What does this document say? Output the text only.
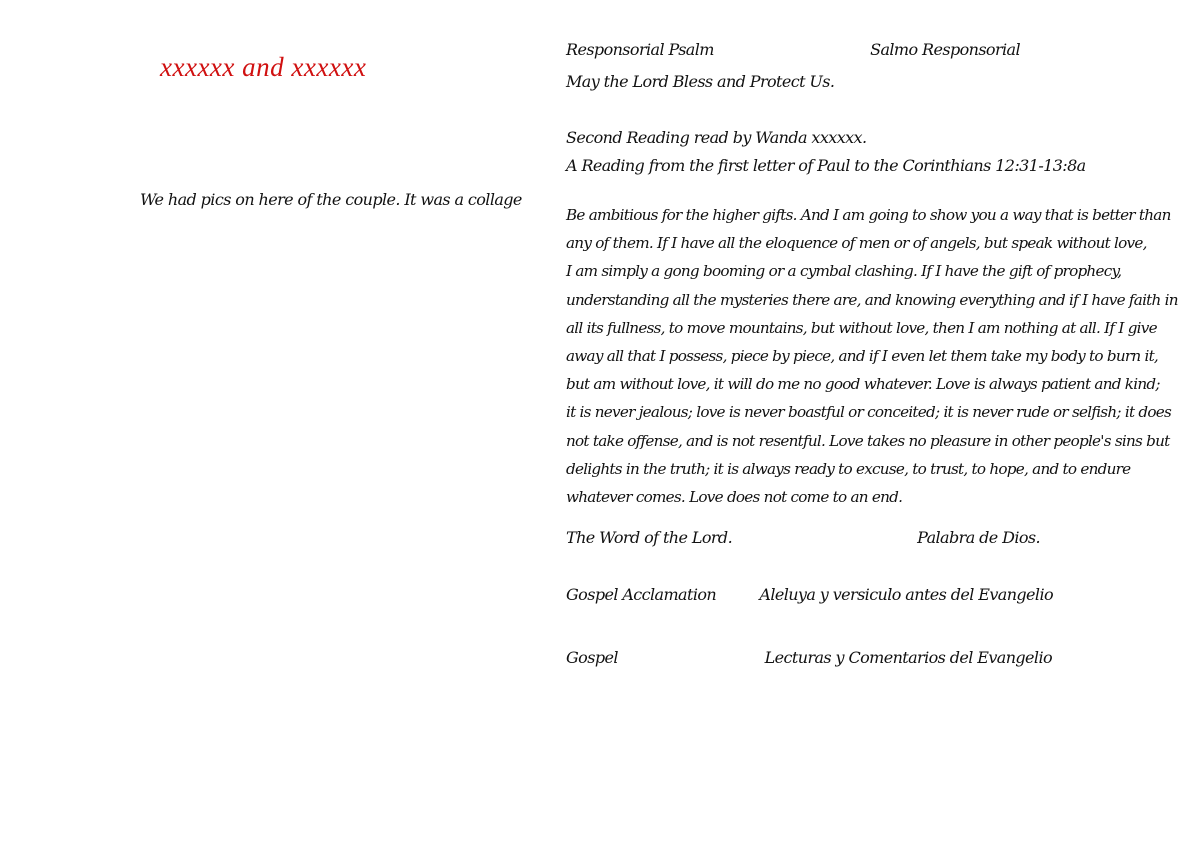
xxxxxx and xxxxxx
We had pics on here of the couple. It was a collage
Responsorial Psalm	Salmo Responsorial
May the Lord Bless and Protect Us.
Second Reading read by Wanda xxxxxx.
A Reading from the first letter of Paul to the Corinthians 12:31-13:8a

Be ambitious for the higher gifts. And I am going to show you a way that is better than
any of them. If I have all the eloquence of men or of angels, but speak without love,
I am simply a gong booming or a cymbal clashing. If I have the gift of prophecy,
understanding all the mysteries there are, and knowing everything and if I have faith in
all its fullness, to move mountains, but without love, then I am nothing at all. If I give
away all that I possess, piece by piece, and if I even let them take my body to burn it,
but am without love, it will do me no good whatever. Love is always patient and kind;
it is never jealous; love is never boastful or conceited; it is never rude or selfish; it does
not take offense, and is not resentful. Love takes no pleasure in other people's sins but
delights in the truth; it is always ready to excuse, to trust, to hope, and to endure
whatever comes. Love does not come to an end.

The Word of the Lord.	Palabra de Dios.
Gospel Acclamation	Aleluya y versiculo antes del Evangelio
Gospel	Lecturas y Comentarios del Evangelio
